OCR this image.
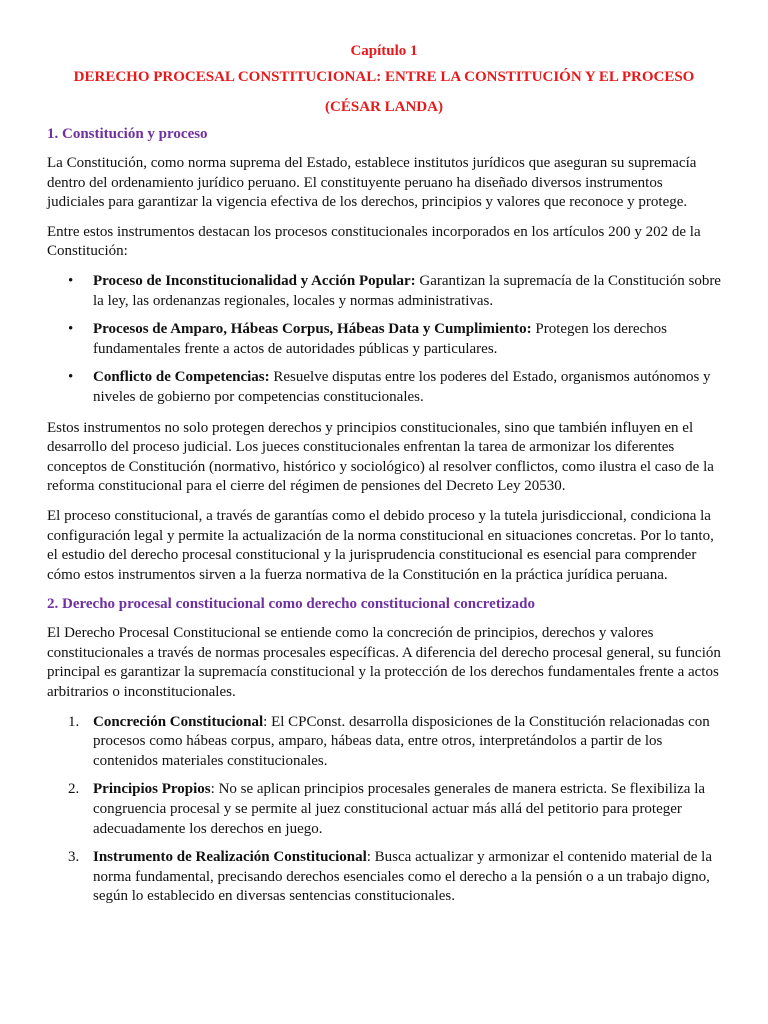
Capítulo 1

DERECHO PROCESAL CONSTITUCIONAL: ENTRE LA CONSTITUCIÓN Y EL PROCESO

(CÉSAR LANDA)

1. Constitución y proceso

La Constitución, como norma suprema del Estado, establece institutos jurídicos que aseguran su supremacía dentro del ordenamiento jurídico peruano. El constituyente peruano ha diseñado diversos instrumentos judiciales para garantizar la vigencia efectiva de los derechos, principios y valores que reconoce y protege.

Entre estos instrumentos destacan los procesos constitucionales incorporados en los artículos 200 y 202 de la Constitución:

• Proceso de Inconstitucionalidad y Acción Popular: Garantizan la supremacía de la Constitución sobre la ley, las ordenanzas regionales, locales y normas administrativas.
• Procesos de Amparo, Hábeas Corpus, Hábeas Data y Cumplimiento: Protegen los derechos fundamentales frente a actos de autoridades públicas y particulares.
• Conflicto de Competencias: Resuelve disputas entre los poderes del Estado, organismos autónomos y niveles de gobierno por competencias constitucionales.

Estos instrumentos no solo protegen derechos y principios constitucionales, sino que también influyen en el desarrollo del proceso judicial. Los jueces constitucionales enfrentan la tarea de armonizar los diferentes conceptos de Constitución (normativo, histórico y sociológico) al resolver conflictos, como ilustra el caso de la reforma constitucional para el cierre del régimen de pensiones del Decreto Ley 20530.

El proceso constitucional, a través de garantías como el debido proceso y la tutela jurisdiccional, condiciona la configuración legal y permite la actualización de la norma constitucional en situaciones concretas. Por lo tanto, el estudio del derecho procesal constitucional y la jurisprudencia constitucional es esencial para comprender cómo estos instrumentos sirven a la fuerza normativa de la Constitución en la práctica jurídica peruana.

2. Derecho procesal constitucional como derecho constitucional concretizado

El Derecho Procesal Constitucional se entiende como la concreción de principios, derechos y valores constitucionales a través de normas procesales específicas. A diferencia del derecho procesal general, su función principal es garantizar la supremacía constitucional y la protección de los derechos fundamentales frente a actos arbitrarios o inconstitucionales.

1. Concreción Constitucional: El CPConst. desarrolla disposiciones de la Constitución relacionadas con procesos como hábeas corpus, amparo, hábeas data, entre otros, interpretándolos a partir de los contenidos materiales constitucionales.
2. Principios Propios: No se aplican principios procesales generales de manera estricta. Se flexibiliza la congruencia procesal y se permite al juez constitucional actuar más allá del petitorio para proteger adecuadamente los derechos en juego.
3. Instrumento de Realización Constitucional: Busca actualizar y armonizar el contenido material de la norma fundamental, precisando derechos esenciales como el derecho a la pensión o a un trabajo digno, según lo establecido en diversas sentencias constitucionales.
